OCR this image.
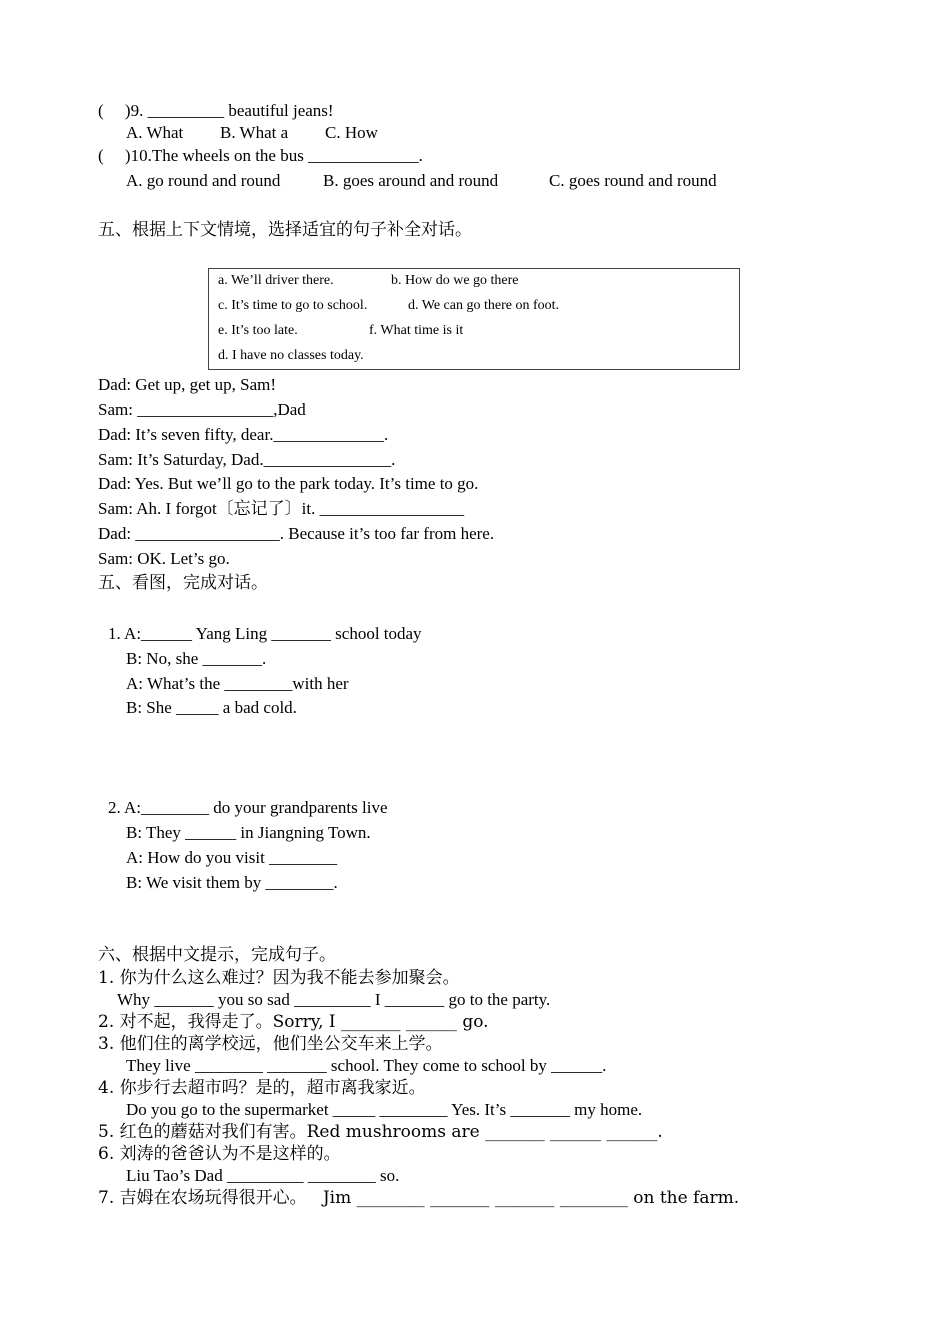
(     )9. _________ beautiful jeans!
A. What B. What a C. How
(     )10.The wheels on the bus _____________.
A. go round and round	B. goes around and round	C. goes round and round
五、根据上下文情境，选择适宜的句子补全对话。
a. We’ll driver there.	b. How do we go there
c. It’s time to go to school.	d. We can go there on foot.
e. It’s too late.	f. What time is it
d. I have no classes today.
Dad: Get up, get up, Sam!
Sam: ________________,Dad
Dad: It’s seven fifty, dear._____________.
Sam: It’s Saturday, Dad._______________.
Dad: Yes. But we’ll go to the park today. It’s time to go.
Sam: Ah. I forgot〔忘记了〕it. _________________
Dad: _________________. Because it’s too far from here.
Sam: OK. Let’s go.
五、看图，完成对话。
1. A:______ Yang Ling _______ school today
B: No, she _______.
A: What’s the ________with her
B: She _____ a bad cold.
2. A:________ do your grandparents live
B: They ______ in Jiangning Town.
A: How do you visit ________
B: We visit them by ________.
六、根据中文提示，完成句子。
1. 你为什么这么难过？因为我不能去参加聚会。
Why _______ you so sad _________ I _______ go to the party.
2. 对不起，我得走了。Sorry, I _______ ______ go.
3. 他们住的离学校远，他们坐公交车来上学。
They live ________ _______ school. They come to school by ______.
4. 你步行去超市吗？是的，超市离我家近。
Do you go to the supermarket _____ ________ Yes. It’s _______ my home.
5. 红色的蘑菇对我们有害。Red mushrooms are _______ ______ ______.
6. 刘涛的爸爸认为不是这样的。
Liu Tao’s Dad _________ ________ so.
7. 吉姆在农场玩得很开心。   Jim ________ _______ _______ ________ on the farm.
